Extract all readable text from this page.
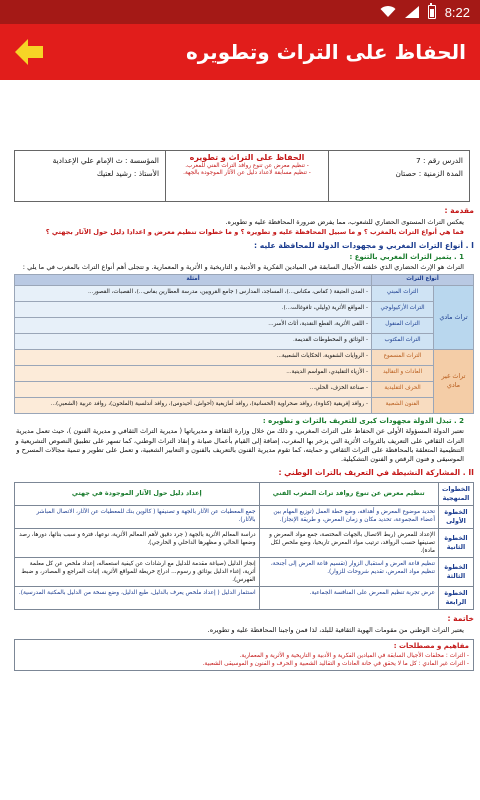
8:22
الحفاظ على التراث وتطويره
الدرس رقم : 7
المدة الزمنية : حصتان
الحفاظ على التراث و تطويره
- تنظيم معرض عن تنوع روافد التراث الفني للمغرب.
- تنظيم مسابقة لاعداد دليل عن الآثار الموجودة بالجهة.
المؤسسة : ث الإمام علي الإعدادية
الأستاذ : رشيد لعتيك
مقدمة :
يعكس التراث المستوى الحضاري للشعوب، مما يفرض ضرورة المحافظة عليه و تطويره.
فما هي أنواع التراث بالمغرب ؟ و ما سبيل المحافظة عليه و تطويره ؟ و ما خطوات تنظيم معرض و اعدادا دليل حول الآثار بجهتي ؟
I . أنواع التراث المغربي و مجهودات الدولة للمحافظة عليه :
1 . يتميز التراث المغربي بالتنوع :
التراث هو الإرث الحضاري الذي خلفته الأجيال السابقة في الميادين الفكرية و الأدبية و التاريخية و الأثرية و المعمارية. و تتجلى أهم أنواع التراث بالمغرب في ما يلي :
أنواع التراث		أمثلة
تراث مادي	التراث المبني	- المدن العتيقة ( كفاس، مكناس...)، المساجد، المدارس ( جامع القرويين، مدرسة العطارين بفاس...)، القصبات، القصور...
	التراث الأركيولوجي	- المواقع الأثرية (وليلي، تافوغالت...).
	التراث المنقول	- اللقى الأثرية، القطع النقدية، أثاث الأسر...
	التراث المكتوب	- الوثائق و المخطوطات القديمة.
تراث غير مادي	التراث المسموع	- الروايات الشفوية، الحكايات الشعبية...
	العادات و التقاليد	- الأزياء التقليدي، المواسم الدينية...
	الحرف التقليدية	- صناعة الخزف، الحلي...
	الفنون الشعبية	- روافد إفريقية (كناوة)، روافد صحراوية (الحسانية)، روافد أمازيغية (أحواش، أحيدوس)، روافد أندلسية (الملحون)، روافد عربية (الشعبي)...
2 . تبذل الدولة مجهودات كبرى للتعريف بالتراث و تطويره :
تعتبر الدولة المسؤولة الأولى عن الحفاظ على التراث المغربي، و ذلك من خلال وزارة الثقافة و مديرياتها ( مديرية التراث الثقافي و مديرية الفنون )، حيث تعمل مديرية التراث الثقافي على التعريف بالثروات الأثرية التي يزخر بها المغرب، إضافة إلى القيام بأعمال صيانة و إنقاذ التراث الوطني، كما تسهر على تطبيق النصوص التشريعية و التنظيمية المتعلقة بالمحافظة على التراث الثقافي و حمايته، كما تقوم مديرية الفنون بالتعريف بالفنون و التعابير الشعبية، و تعمل على تطوير و تنمية مجالات المسرح و الموسيقى و فنون الرقص و الفنون التشكيلية.
II . المشاركة النشيطة في التعريف بالتراث الوطني :
الخطوات المنهجية	تنظيم معرض عن تنوع روافد تراث المغرب الفني	إعداد دليل حول الآثار الموجودة في جهتي
الخطوة الأولى	تحديد موضوع المعرض و أهدافه، وضع خطة العمل (توزيع المهام بين أعضاء المجموعة، تحديد مكان و زمان المعرض، و طريقة الإنجاز).	جمع المعطيات عن الآثار بالجهة و تصنيفها ( كالوين بنك للمعطيات عن الآثار، الاتصال المباشر بالآثار).
الخطوة الثانية	الإعداد للمعرض (ربط الاتصال بالجهات المختصة، جمع مواد المعرض و تصنيفها حسب الروافد، ترتيب مواد المعرض تاريخيا، وضع ملخص لكل مادة).	دراسة المعالم الأثرية بالجهة ( جرد دقيق لأهم المعالم الأثرية، نوعها، فترة و سبب بنائها، دورها، رصد وضعها الحالي و مظهرها الداخلي و الخارجي).
الخطوة الثالثة	تنظيم قاعة العرض و استقبال الزوار (تقسيم قاعة العرض إلى أجنحة، تنظيم مواد المعرض، تقديم شروحات للزوار).	إنجاز الدليل (صياغة مقدمة للدليل مع ارشادات عن كيفية استعماله، إعداد ملخص عن كل معلمة أثرية، إغناء الدليل بوثائق و رسوم... ادراج خريطة للمواقع الأثرية، إثبات المراجع و المصادر، و ضبط الفهرس).
الخطوة الرابعة	عرض تجربة تنظيم المعرض على المنافسة الجماعية.	استثمار الدليل ( إعداد ملخص يعرف بالدليل، طبع الدليل، وضع نسخة من الدليل بالمكتبة المدرسية).
خاتمة :
يعتبر التراث الوطني من مقومات الهوية الثقافية للبلد، لذا فمن واجبنا المحافظة عليه و تطويره.
مفاهيم و مصطلحات :
- التراث : مخلفات الأجيال السابقة في الميادين الفكرية و الأدبية و التاريخية و الأثرية و المعمارية.
- التراث غير المادي : كل ما لا يحقق في خانة العادات و التقاليد الشعبية و الحرف و الفنون و الموسيقى الشعبية.
